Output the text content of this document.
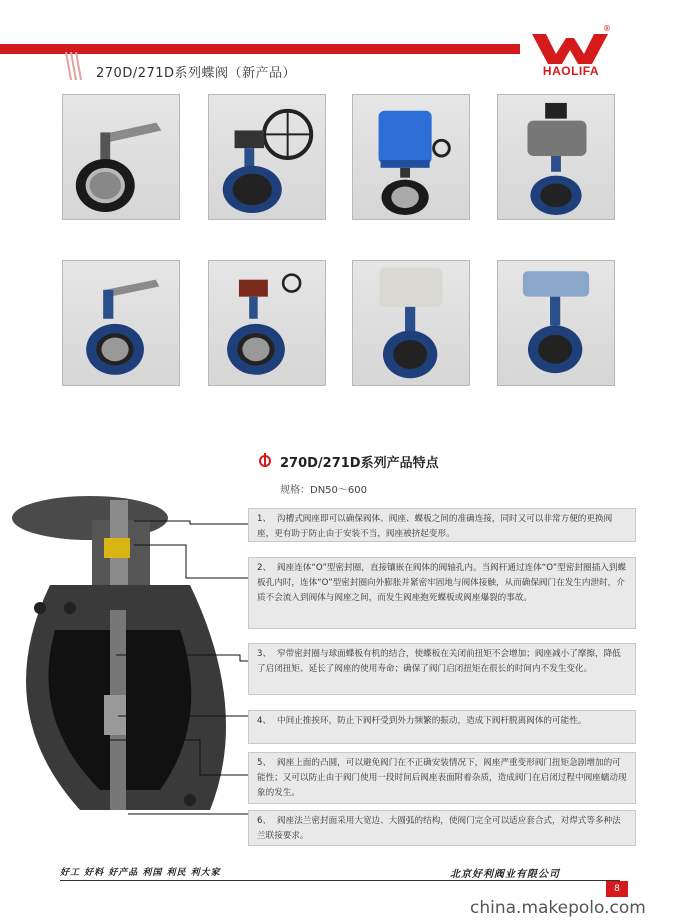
270D/271D系列蝶阀（新产品）
®
HAOLIFA
270D/271D系列产品特点
规格：DN50～600
1、 沟槽式阀座即可以确保阀体、阀座、蝶板之间的准确连接，同时又可以非常方便的更换阀座，更有助于防止由于安装不当，阀座被挤起变形。
2、 阀座连体“O”型密封圈，直接镶嵌在阀体的阀轴孔内。当阀杆通过连体“O”型密封圈插入到蝶板孔内时，连体“O”型密封圈向外膨胀并紧密牢固地与阀体接触，从而确保阀门在发生内泄时，介质不会流入到阀体与阀座之间，而发生阀座抱死蝶板或阀座爆裂的事故。
3、 窄带密封圈与球面蝶板有机的结合，使蝶板在关闭前扭矩不会增加；阀座减小了摩擦，降低了启闭扭矩、延长了阀座的使用寿命；确保了阀门启闭扭矩在很长的时间内不发生变化。
4、 中间止推挨环，防止下阀杆受到外力频繁的振动，造成下阀杆脱离阀体的可能性。
5、 阀座上面的凸圆，可以避免阀门在不正确安装情况下，阀座严重变形阀门扭矩急剧增加的可能性；又可以防止由于阀门使用一段时间后阀座表面附着杂质，造成阀门在启闭过程中阀座蠕动现象的发生。
6、 阀座法兰密封面采用大宽边、大圆弧的结构，使阀门完全可以适应套合式，对焊式等多种法兰联接要求。
好工 好料 好产品 利国 利民 利大家	北京好利阀业有限公司
8
china.makepolo.com
